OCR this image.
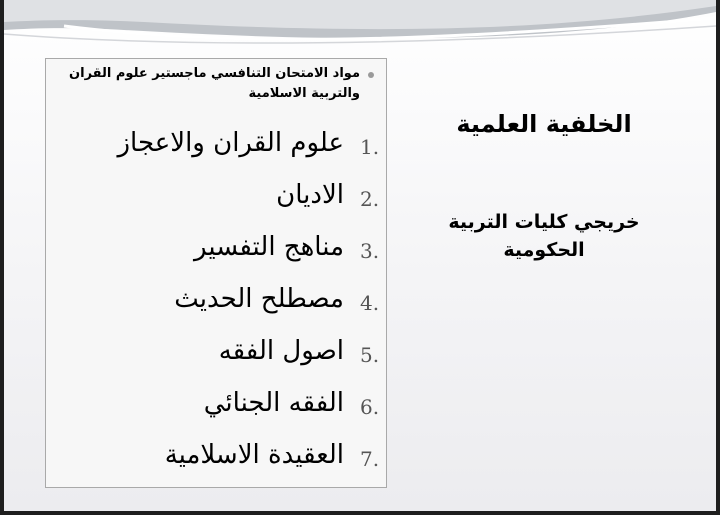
مواد الامتحان التنافسي ماجستير علوم القران والتربية الاسلامية
1.
علوم القران والاعجاز
2.
الاديان
3.
مناهج التفسير
4.
مصطلح الحديث
5.
اصول الفقه
6.
الفقه الجنائي
7.
العقيدة الاسلامية
الخلفية العلمية
خريجي كليات التربية الحكومية
